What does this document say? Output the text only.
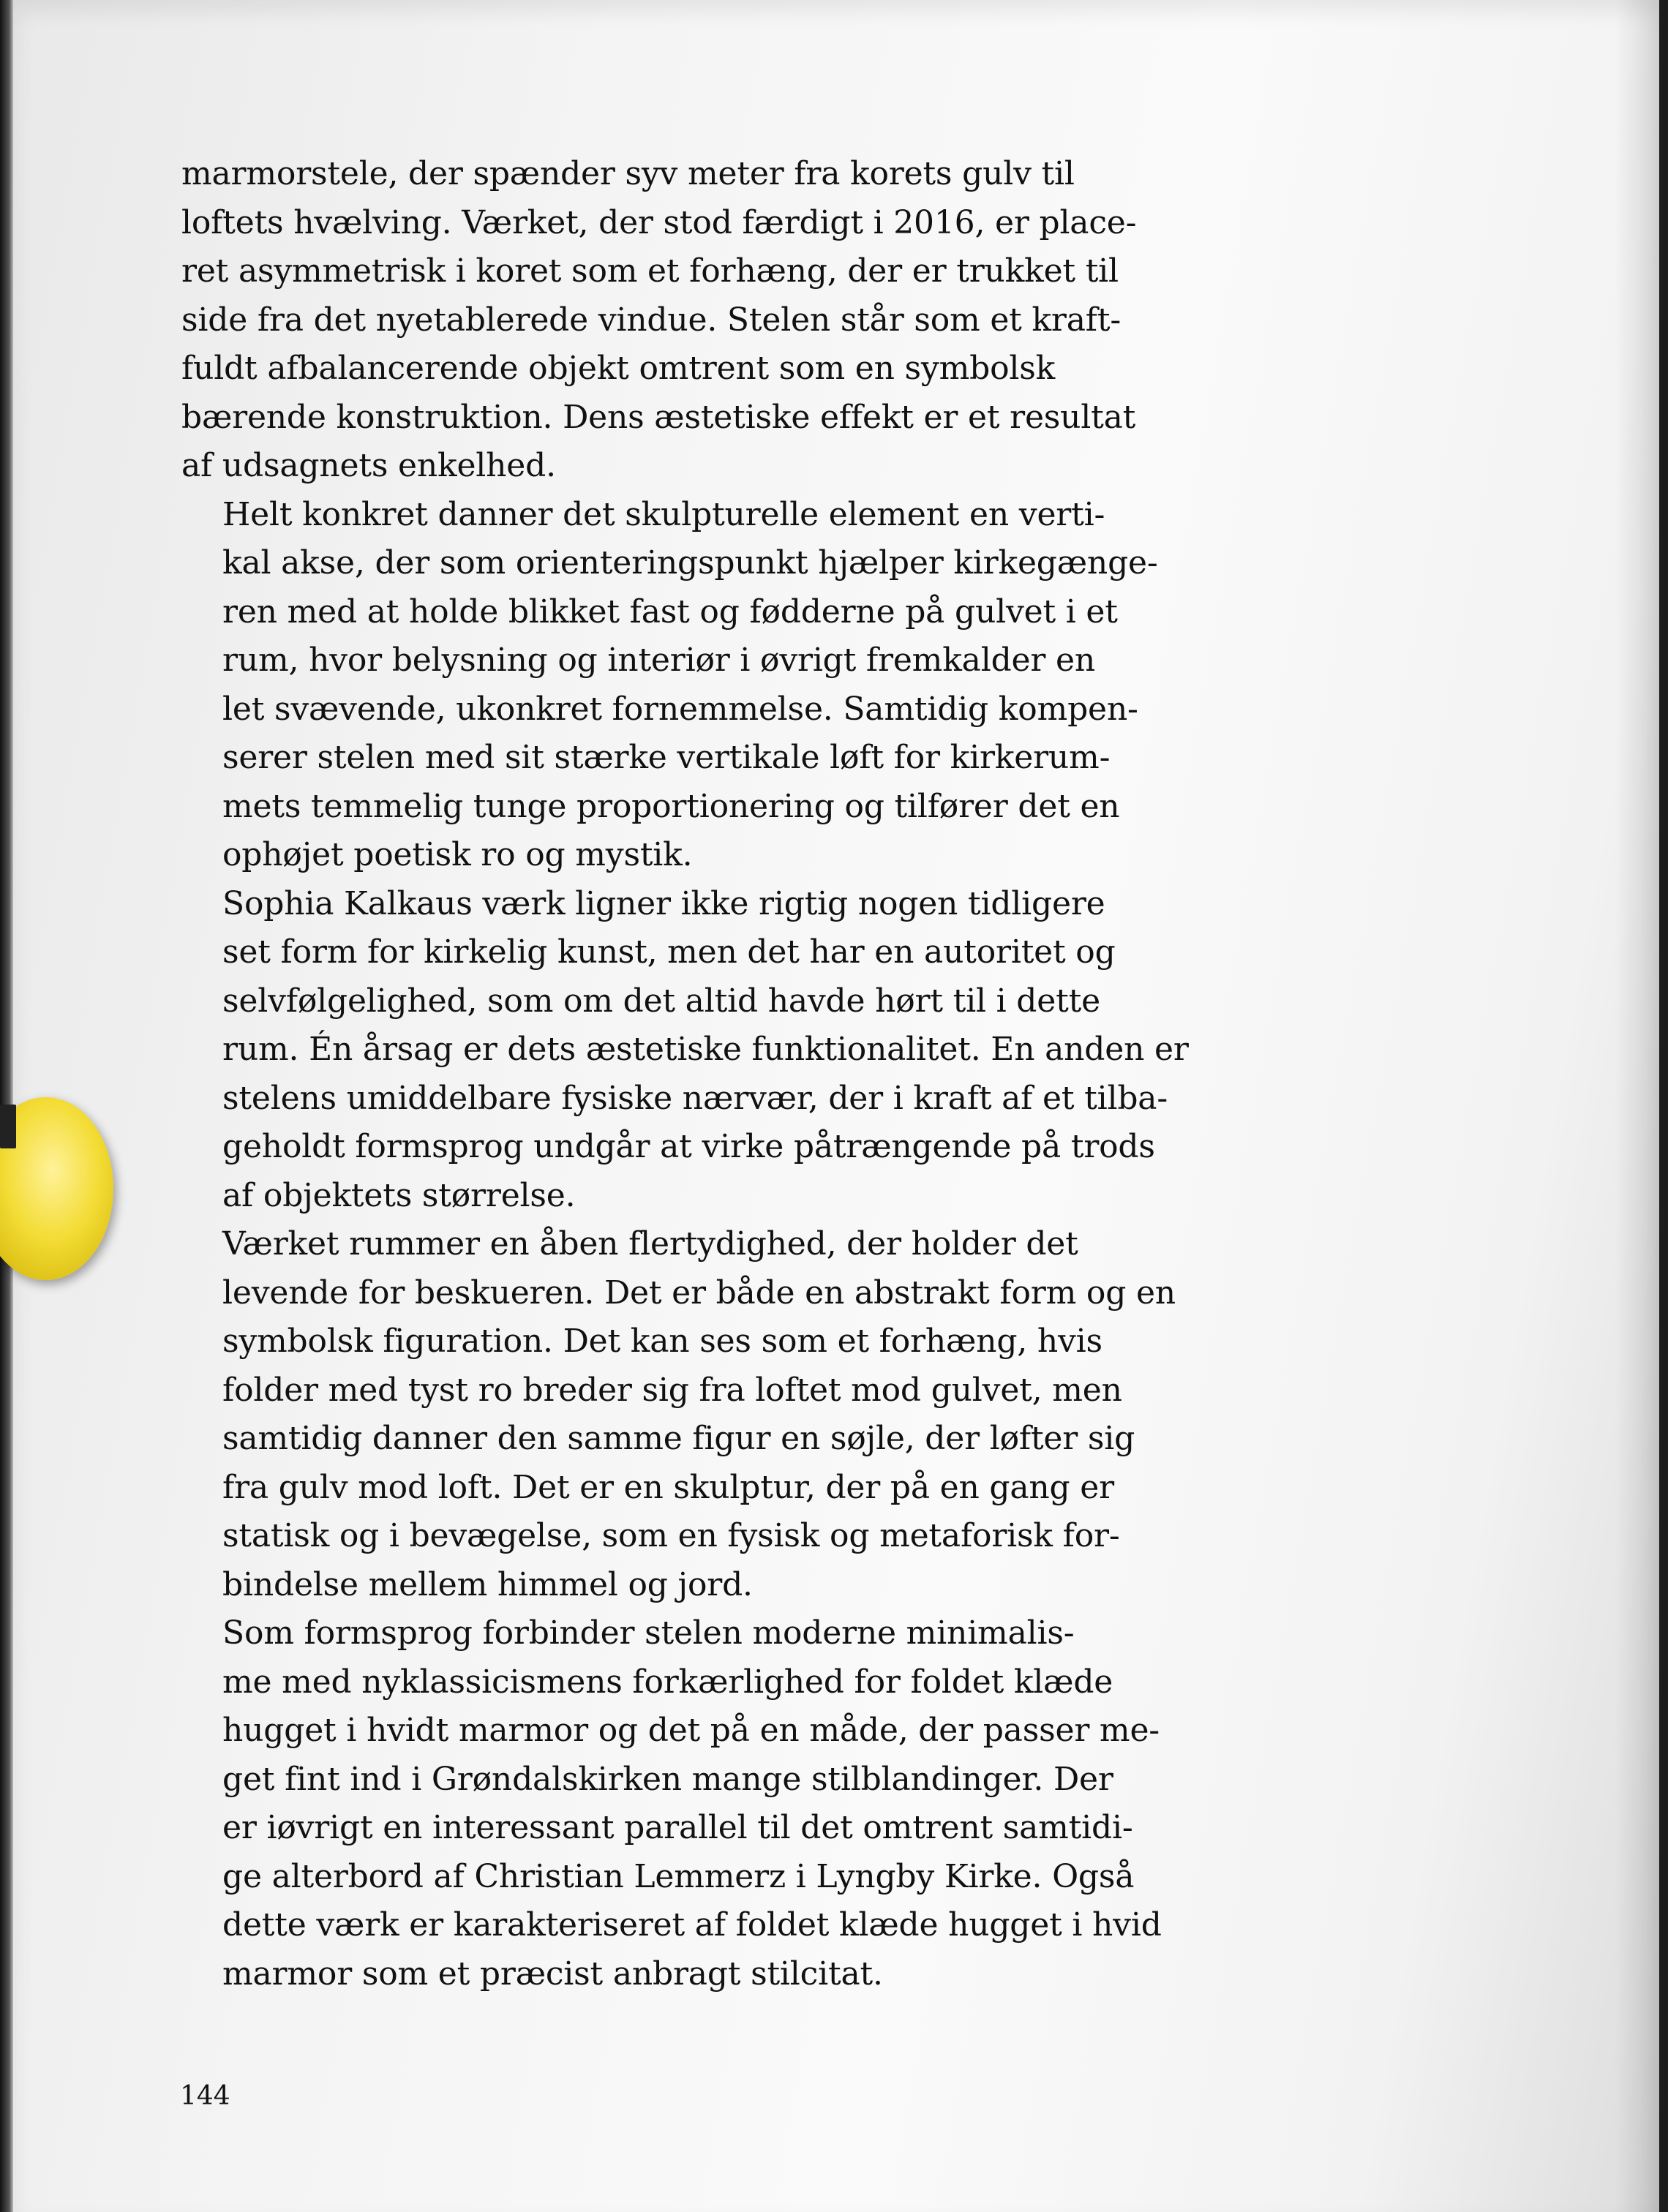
marmorstele, der spænder syv meter fra korets gulv til
loftets hvælving. Værket, der stod færdigt i 2016, er place-
ret asymmetrisk i koret som et forhæng, der er trukket til
side fra det nyetablerede vindue. Stelen står som et kraft-
fuldt afbalancerende objekt omtrent som en symbolsk
bærende konstruktion. Dens æstetiske effekt er et resultat
af udsagnets enkelhed.

Helt konkret danner det skulpturelle element en verti-
kal akse, der som orienteringspunkt hjælper kirkegænge-
ren med at holde blikket fast og fødderne på gulvet i et
rum, hvor belysning og interiør i øvrigt fremkalder en
let svævende, ukonkret fornemmelse. Samtidig kompen-
serer stelen med sit stærke vertikale løft for kirkerum-
mets temmelig tunge proportionering og tilfører det en
ophøjet poetisk ro og mystik.

Sophia Kalkaus værk ligner ikke rigtig nogen tidligere
set form for kirkelig kunst, men det har en autoritet og
selvfølgelighed, som om det altid havde hørt til i dette
rum. Én årsag er dets æstetiske funktionalitet. En anden er
stelens umiddelbare fysiske nærvær, der i kraft af et tilba-
geholdt formsprog undgår at virke påtrængende på trods
af objektets størrelse.

Værket rummer en åben flertydighed, der holder det
levende for beskueren. Det er både en abstrakt form og en
symbolsk figuration. Det kan ses som et forhæng, hvis
folder med tyst ro breder sig fra loftet mod gulvet, men
samtidig danner den samme figur en søjle, der løfter sig
fra gulv mod loft. Det er en skulptur, der på en gang er
statisk og i bevægelse, som en fysisk og metaforisk for-
bindelse mellem himmel og jord.

Som formsprog forbinder stelen moderne minimalis-
me med nyklassicismens forkærlighed for foldet klæde
hugget i hvidt marmor og det på en måde, der passer me-
get fint ind i Grøndalskirken mange stilblandinger. Der
er iøvrigt en interessant parallel til det omtrent samtidi-
ge alterbord af Christian Lemmerz i Lyngby Kirke. Også
dette værk er karakteriseret af foldet klæde hugget i hvid
marmor som et præcist anbragt stilcitat.

144
